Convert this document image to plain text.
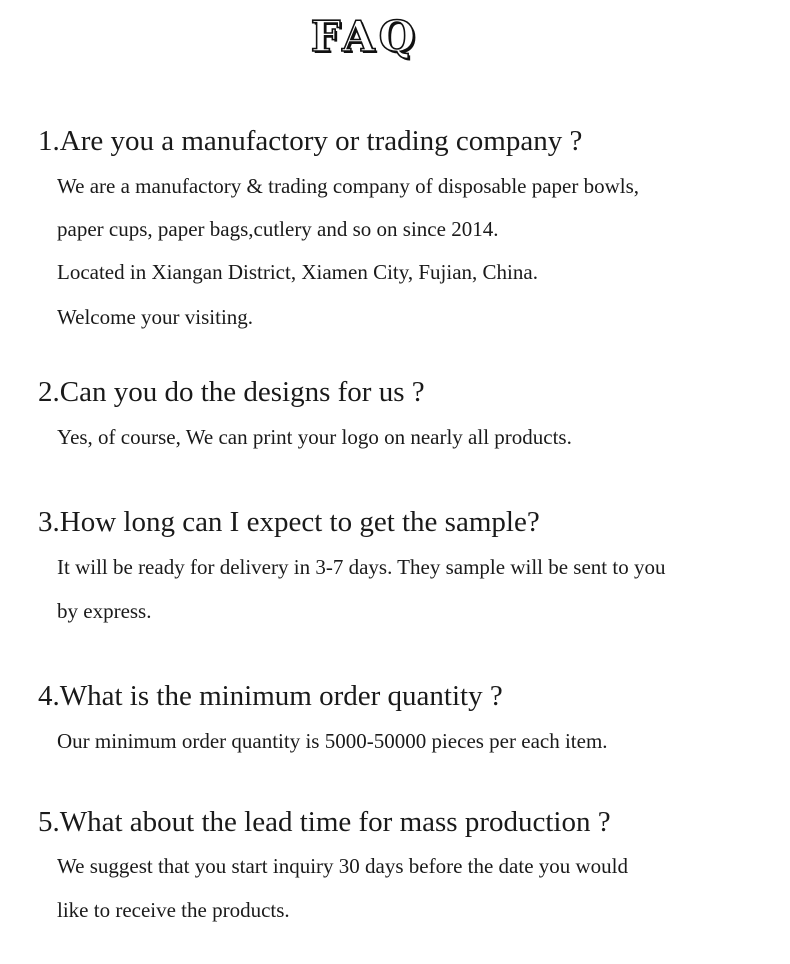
FAQ
1.Are you a manufactory or trading company ?
We are a manufactory & trading company of disposable paper bowls,
paper cups, paper bags,cutlery and so on since 2014.
Located in Xiangan District, Xiamen City, Fujian, China.
Welcome your visiting.
2.Can you do the designs for us ?
Yes, of course, We can print your logo on nearly all products.
3.How long can I expect to get the sample?
It will be ready for delivery in 3-7 days. They sample will be sent to you
by express.
4.What is the minimum order quantity ?
Our minimum order quantity is 5000-50000 pieces per each item.
5.What about the lead time for mass production ?
We suggest that you start inquiry 30 days before the date you would
like to receive the products.
